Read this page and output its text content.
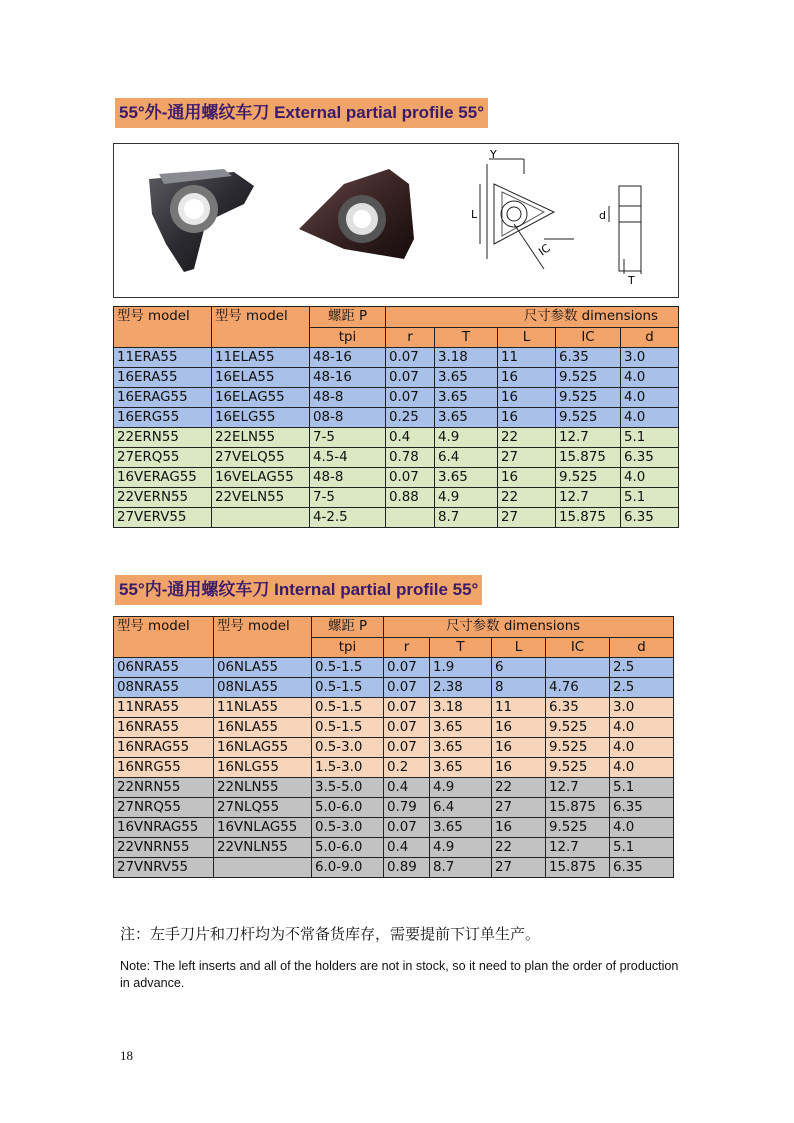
55°外-通用螺纹车刀 External partial profile 55°
Y
L
IC
d
T
型号 model	型号 model	螺距 P	尺寸参数 dimensions				
		tpi	r	T	L	IC	d
11ERA55	11ELA55	48-16	0.07	3.18	11	6.35	3.0
16ERA55	16ELA55	48-16	0.07	3.65	16	9.525	4.0
16ERAG55	16ELAG55	48-8	0.07	3.65	16	9.525	4.0
16ERG55	16ELG55	08-8	0.25	3.65	16	9.525	4.0
22ERN55	22ELN55	7-5	0.4	4.9	22	12.7	5.1
27ERQ55	27VELQ55	4.5-4	0.78	6.4	27	15.875	6.35
16VERAG55	16VELAG55	48-8	0.07	3.65	16	9.525	4.0
22VERN55	22VELN55	7-5	0.88	4.9	22	12.7	5.1
27VERV55		4-2.5		8.7	27	15.875	6.35
55°内-通用螺纹车刀 Internal partial profile 55°
型号 model	型号 model	螺距 P	尺寸参数 dimensions				
		tpi	r	T	L	IC	d
06NRA55	06NLA55	0.5-1.5	0.07	1.9	6		2.5
08NRA55	08NLA55	0.5-1.5	0.07	2.38	8	4.76	2.5
11NRA55	11NLA55	0.5-1.5	0.07	3.18	11	6.35	3.0
16NRA55	16NLA55	0.5-1.5	0.07	3.65	16	9.525	4.0
16NRAG55	16NLAG55	0.5-3.0	0.07	3.65	16	9.525	4.0
16NRG55	16NLG55	1.5-3.0	0.2	3.65	16	9.525	4.0
22NRN55	22NLN55	3.5-5.0	0.4	4.9	22	12.7	5.1
27NRQ55	27NLQ55	5.0-6.0	0.79	6.4	27	15.875	6.35
16VNRAG55	16VNLAG55	0.5-3.0	0.07	3.65	16	9.525	4.0
22VNRN55	22VNLN55	5.0-6.0	0.4	4.9	22	12.7	5.1
27VNRV55		6.0-9.0	0.89	8.7	27	15.875	6.35
注：左手刀片和刀杆均为不常备货库存，需要提前下订单生产。
Note: The left inserts and all of the holders are not in stock, so it need to plan the order of production in advance.
18
